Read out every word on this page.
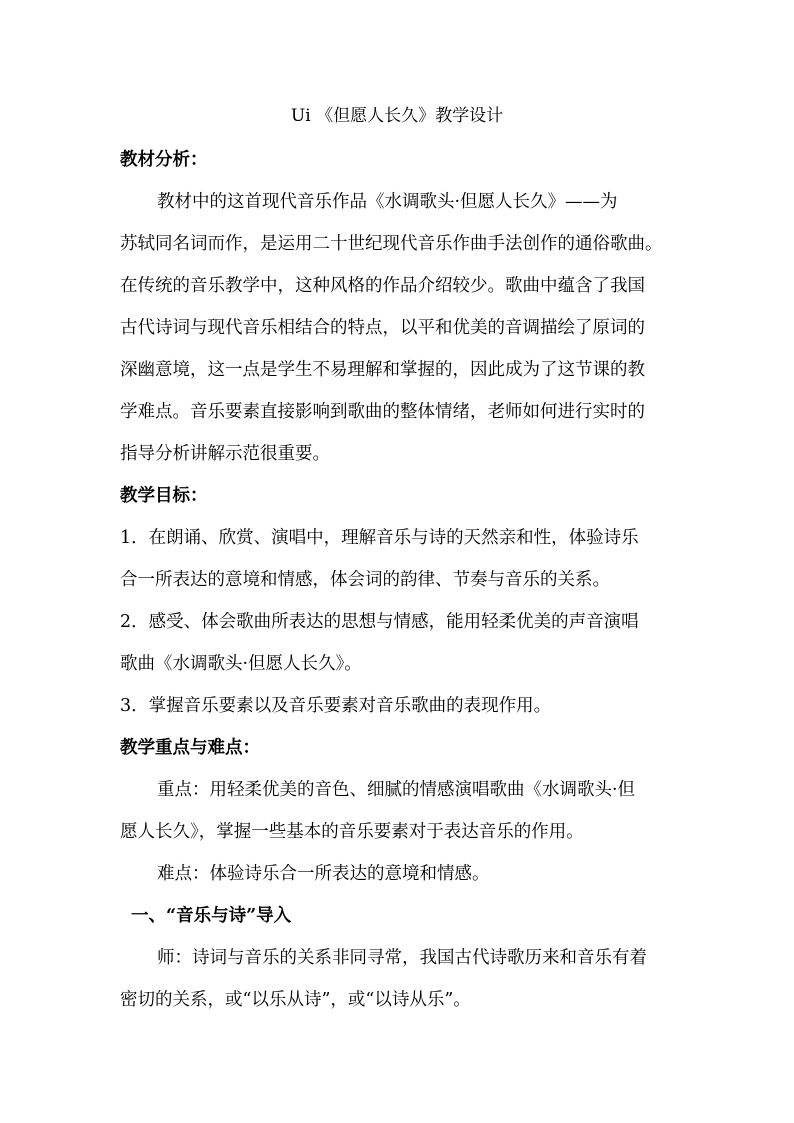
Ui 《但愿人长久》教学设计
教材分析：
教材中的这首现代音乐作品《水调歌头·但愿人长久》——为
苏轼同名词而作，是运用二十世纪现代音乐作曲手法创作的通俗歌曲。
在传统的音乐教学中，这种风格的作品介绍较少。歌曲中蕴含了我国
古代诗词与现代音乐相结合的特点，以平和优美的音调描绘了原词的
深幽意境，这一点是学生不易理解和掌握的，因此成为了这节课的教
学难点。音乐要素直接影响到歌曲的整体情绪，老师如何进行实时的
指导分析讲解示范很重要。
教学目标：
1．在朗诵、欣赏、演唱中，理解音乐与诗的天然亲和性，体验诗乐
合一所表达的意境和情感，体会词的韵律、节奏与音乐的关系。
2．感受、体会歌曲所表达的思想与情感，能用轻柔优美的声音演唱
歌曲《水调歌头·但愿人长久》。
3．掌握音乐要素以及音乐要素对音乐歌曲的表现作用。
教学重点与难点：
重点：用轻柔优美的音色、细腻的情感演唱歌曲《水调歌头·但
愿人长久》，掌握一些基本的音乐要素对于表达音乐的作用。
难点：体验诗乐合一所表达的意境和情感。
一、“音乐与诗”导入
师：诗词与音乐的关系非同寻常，我国古代诗歌历来和音乐有着
密切的关系，或“以乐从诗”，或“以诗从乐”。
